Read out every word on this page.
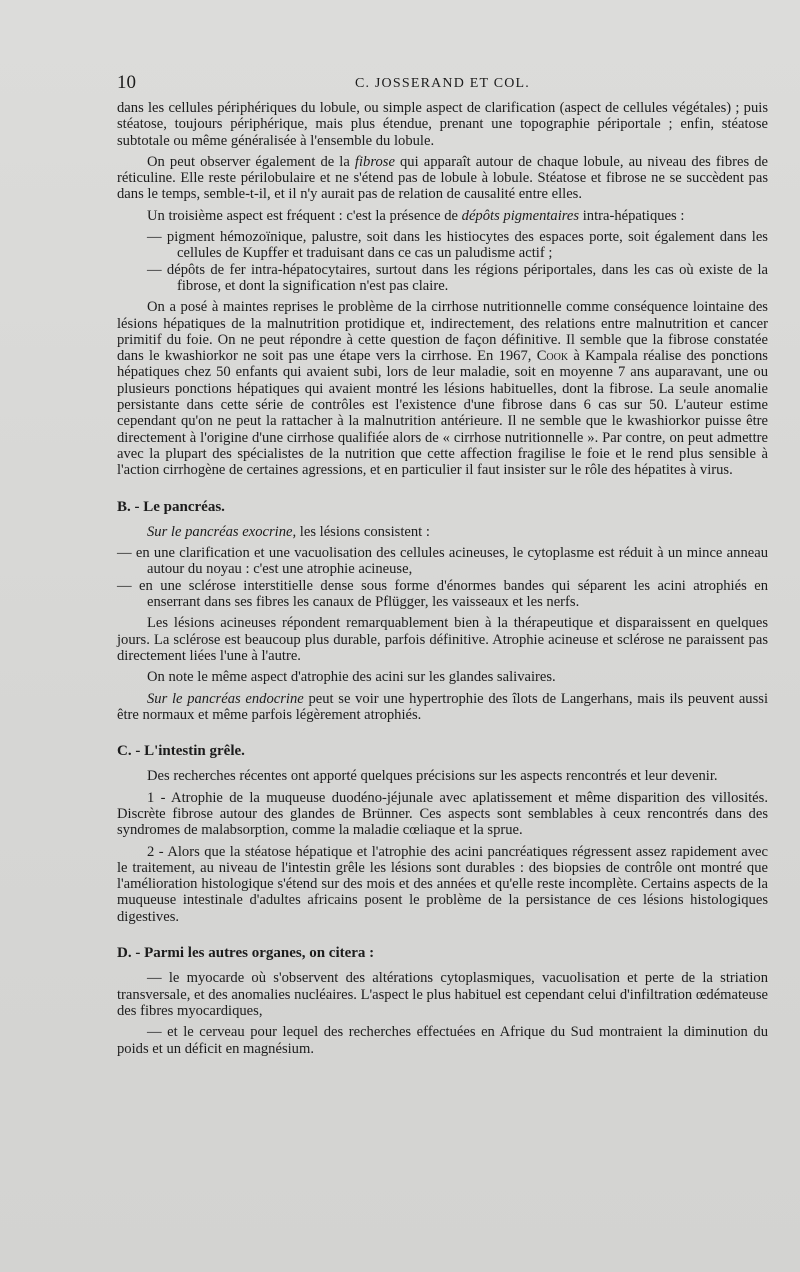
10	C. JOSSERAND ET COL.

dans les cellules périphériques du lobule, ou simple aspect de clarification (aspect de cellules végétales) ; puis stéatose, toujours périphérique, mais plus étendue, prenant une topographie périportale ; enfin, stéatose subtotale ou même généralisée à l'ensemble du lobule.

On peut observer également de la fibrose qui apparaît autour de chaque lobule, au niveau des fibres de réticuline. Elle reste périlobulaire et ne s'étend pas de lobule à lobule. Stéatose et fibrose ne se succèdent pas dans le temps, semble-t-il, et il n'y aurait pas de relation de causalité entre elles.

Un troisième aspect est fréquent : c'est la présence de dépôts pigmentaires intra-hépatiques :

— pigment hémozoïnique, palustre, soit dans les histiocytes des espaces porte, soit également dans les cellules de Kupffer et traduisant dans ce cas un paludisme actif ;
— dépôts de fer intra-hépatocytaires, surtout dans les régions périportales, dans les cas où existe de la fibrose, et dont la signification n'est pas claire.

On a posé à maintes reprises le problème de la cirrhose nutritionnelle comme conséquence lointaine des lésions hépatiques de la malnutrition protidique et, indirectement, des relations entre malnutrition et cancer primitif du foie. On ne peut répondre à cette question de façon définitive. Il semble que la fibrose constatée dans le kwashiorkor ne soit pas une étape vers la cirrhose. En 1967, Cook à Kampala réalise des ponctions hépatiques chez 50 enfants qui avaient subi, lors de leur maladie, soit en moyenne 7 ans auparavant, une ou plusieurs ponctions hépatiques qui avaient montré les lésions habituelles, dont la fibrose. La seule anomalie persistante dans cette série de contrôles est l'existence d'une fibrose dans 6 cas sur 50. L'auteur estime cependant qu'on ne peut la rattacher à la malnutrition antérieure. Il ne semble que le kwashiorkor puisse être directement à l'origine d'une cirrhose qualifiée alors de « cirrhose nutritionnelle ». Par contre, on peut admettre avec la plupart des spécialistes de la nutrition que cette affection fragilise le foie et le rend plus sensible à l'action cirrhogène de certaines agressions, et en particulier il faut insister sur le rôle des hépatites à virus.

B. - Le pancréas.

Sur le pancréas exocrine, les lésions consistent :

— en une clarification et une vacuolisation des cellules acineuses, le cytoplasme est réduit à un mince anneau autour du noyau : c'est une atrophie acineuse,
— en une sclérose interstitielle dense sous forme d'énormes bandes qui séparent les acini atrophiés en enserrant dans ses fibres les canaux de Pflügger, les vaisseaux et les nerfs.

Les lésions acineuses répondent remarquablement bien à la thérapeutique et disparaissent en quelques jours. La sclérose est beaucoup plus durable, parfois définitive. Atrophie acineuse et sclérose ne paraissent pas directement liées l'une à l'autre.

On note le même aspect d'atrophie des acini sur les glandes salivaires.

Sur le pancréas endocrine peut se voir une hypertrophie des îlots de Langerhans, mais ils peuvent aussi être normaux et même parfois légèrement atrophiés.

C. - L'intestin grêle.

Des recherches récentes ont apporté quelques précisions sur les aspects rencontrés et leur devenir.

1 - Atrophie de la muqueuse duodéno-jéjunale avec aplatissement et même disparition des villosités. Discrète fibrose autour des glandes de Brünner. Ces aspects sont semblables à ceux rencontrés dans des syndromes de malabsorption, comme la maladie cœliaque et la sprue.

2 - Alors que la stéatose hépatique et l'atrophie des acini pancréatiques régressent assez rapidement avec le traitement, au niveau de l'intestin grêle les lésions sont durables : des biopsies de contrôle ont montré que l'amélioration histologique s'étend sur des mois et des années et qu'elle reste incomplète. Certains aspects de la muqueuse intestinale d'adultes africains posent le problème de la persistance de ces lésions histologiques digestives.

D. - Parmi les autres organes, on citera :

— le myocarde où s'observent des altérations cytoplasmiques, vacuolisation et perte de la striation transversale, et des anomalies nucléaires. L'aspect le plus habituel est cependant celui d'infiltration œdémateuse des fibres myocardiques,

— et le cerveau pour lequel des recherches effectuées en Afrique du Sud montraient la diminution du poids et un déficit en magnésium.
